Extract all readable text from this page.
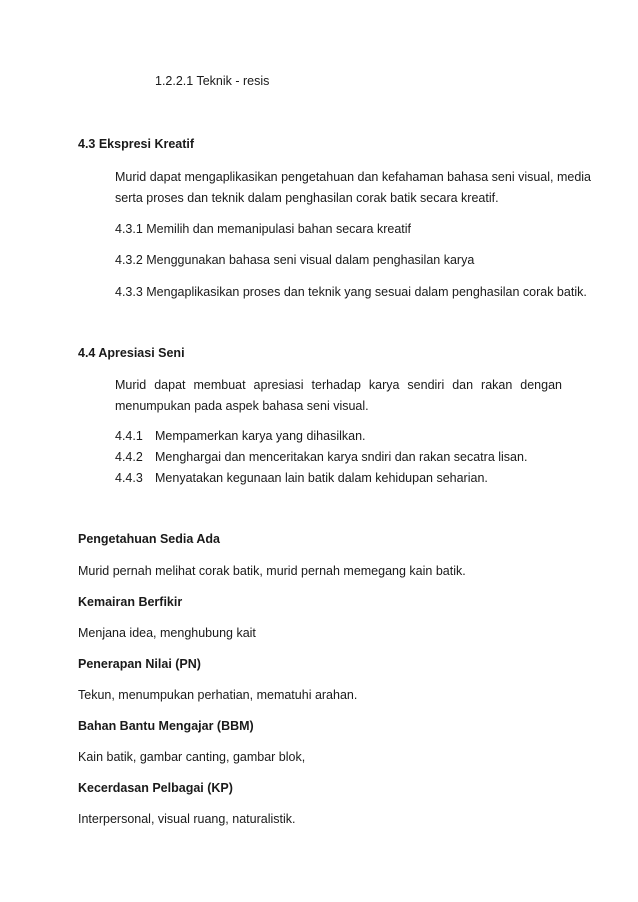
1.2.2.1 Teknik - resis
4.3 Ekspresi Kreatif
Murid dapat mengaplikasikan pengetahuan dan kefahaman bahasa seni visual, media
serta proses dan teknik dalam penghasilan corak batik secara kreatif.
4.3.1 Memilih dan memanipulasi bahan secara kreatif
4.3.2 Menggunakan bahasa seni visual dalam penghasilan karya
4.3.3 Mengaplikasikan proses dan teknik yang sesuai dalam penghasilan corak batik.
4.4 Apresiasi Seni
Murid dapat membuat apresiasi terhadap karya sendiri dan rakan dengan
menumpukan pada aspek bahasa seni visual.
4.4.1 Mempamerkan karya yang dihasilkan.
4.4.2 Menghargai dan menceritakan karya sndiri dan rakan secatra lisan.
4.4.3 Menyatakan kegunaan lain batik dalam kehidupan seharian.
Pengetahuan Sedia Ada
Murid pernah melihat corak batik, murid pernah memegang kain batik.
Kemairan Berfikir
Menjana idea, menghubung kait
Penerapan Nilai (PN)
Tekun, menumpukan perhatian, mematuhi arahan.
Bahan Bantu Mengajar (BBM)
Kain batik, gambar canting, gambar blok,
Kecerdasan Pelbagai (KP)
Interpersonal, visual ruang, naturalistik.
